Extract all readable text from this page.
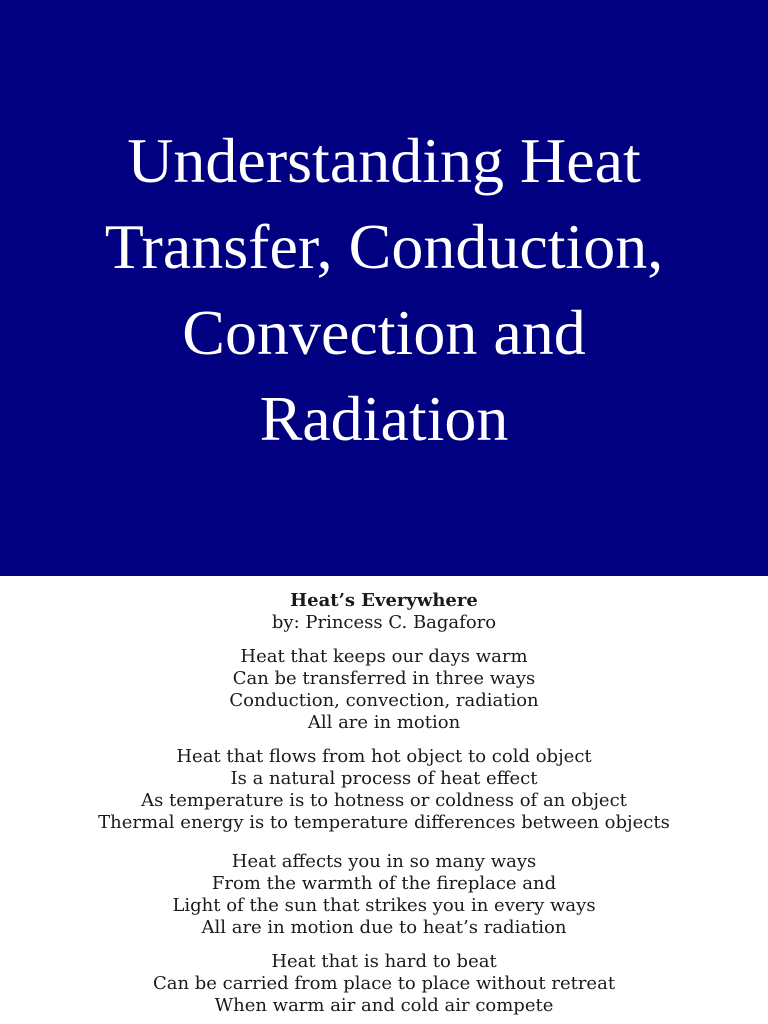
Understanding Heat
Transfer, Conduction,
Convection and
Radiation

Heat’s Everywhere

by: Princess C. Bagaforo

Heat that keeps our days warm
Can be transferred in three ways
Conduction, convection, radiation
All are in motion

Heat that flows from hot object to cold object
Is a natural process of heat effect
As temperature is to hotness or coldness of an object
Thermal energy is to temperature differences between objects

Heat affects you in so many ways
From the warmth of the fireplace and
Light of the sun that strikes you in every ways
All are in motion due to heat’s radiation

Heat that is hard to beat
Can be carried from place to place without retreat
When warm air and cold air compete
